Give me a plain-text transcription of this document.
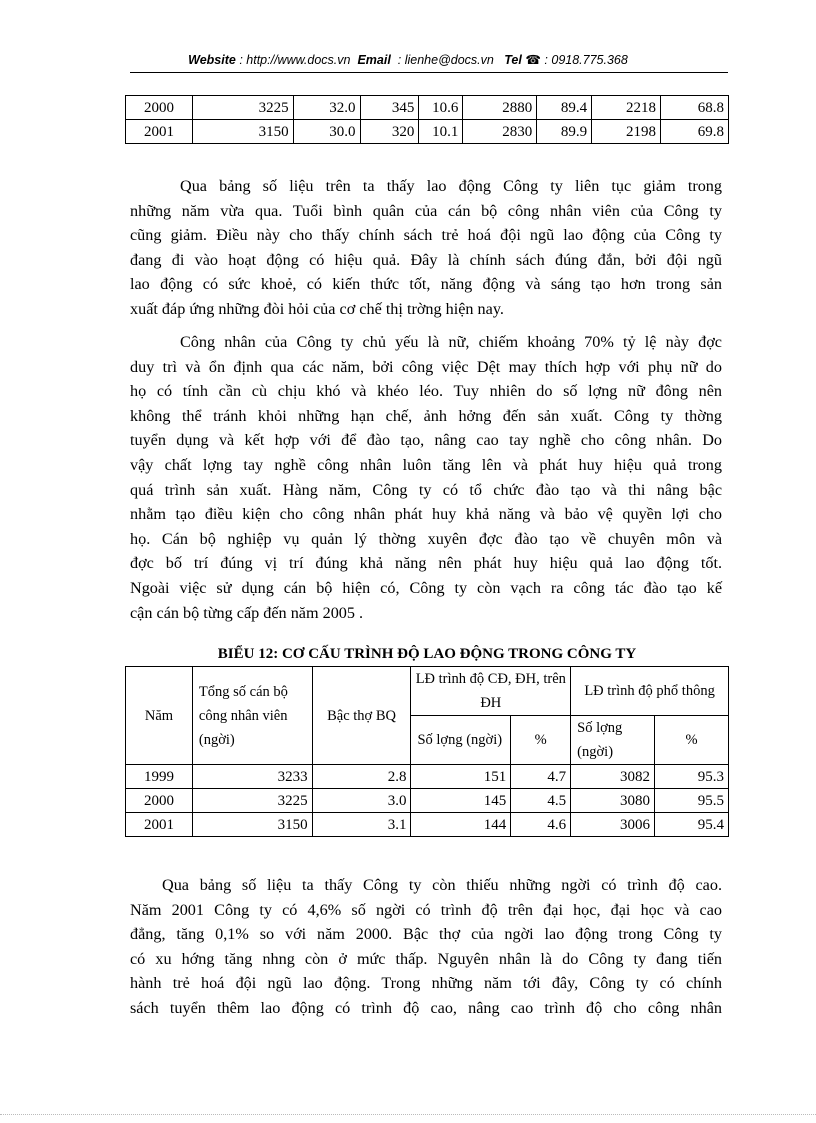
Website : http://www.docs.vn Email : lienhe@docs.vn Tel ☎ : 0918.775.368
2000	3225	32.0	345	10.6	2880	89.4	2218	68.8
2001	3150	30.0	320	10.1	2830	89.9	2198	69.8
Qua bảng số liệu trên ta thấy lao động Công ty liên tục giảm trong
những năm vừa qua. Tuổi bình quân của cán bộ công nhân viên của Công ty
cũng giảm. Điều này cho thấy chính sách trẻ hoá đội ngũ lao động của Công ty
đang đi vào hoạt động có hiệu quả. Đây là chính sách đúng đắn, bởi đội ngũ
lao động có sức khoẻ, có kiến thức tốt, năng động và sáng tạo hơn trong sản
xuất đáp ứng những đòi hỏi của cơ chế thị trờng hiện nay.
Công nhân của Công ty chủ yếu là nữ, chiếm khoảng 70% tỷ lệ này đợc
duy trì và ổn định qua các năm, bởi công việc Dệt may thích hợp với phụ nữ do
họ có tính cần cù chịu khó và khéo léo. Tuy nhiên do số lợng nữ đông nên
không thể tránh khỏi những hạn chế, ảnh hởng đến sản xuất. Công ty thờng
tuyển dụng và kết hợp với để đào tạo, nâng cao tay nghề cho công nhân. Do
vậy chất lợng tay nghề công nhân luôn tăng lên và phát huy hiệu quả trong
quá trình sản xuất. Hàng năm, Công ty có tổ chức đào tạo và thi nâng bậc
nhằm tạo điều kiện cho công nhân phát huy khả năng và bảo vệ quyền lợi cho
họ. Cán bộ nghiệp vụ quản lý thờng xuyên đợc đào tạo về chuyên môn và
đợc bố trí đúng vị trí đúng khả năng nên phát huy hiệu quả lao động tốt.
Ngoài việc sử dụng cán bộ hiện có, Công ty còn vạch ra công tác đào tạo kế
cận cán bộ từng cấp đến năm 2005 .
BIỂU 12: CƠ CẤU TRÌNH ĐỘ LAO ĐỘNG TRONG CÔNG TY
Năm	Tổng số cán bộ công nhân viên (ngời)	Bậc thợ BQ	LĐ trình độ CĐ, ĐH, trên ĐH		LĐ trình độ phổ thông	
			Số lợng (ngời)	%	Số lợng (ngời)	%
1999	3233	2.8	151	4.7	3082	95.3
2000	3225	3.0	145	4.5	3080	95.5
2001	3150	3.1	144	4.6	3006	95.4
Qua bảng số liệu ta thấy Công ty còn thiếu những ngời có trình độ cao.
Năm 2001 Công ty có 4,6% số ngời có trình độ trên đại học, đại học và cao
đẳng, tăng 0,1% so với năm 2000. Bậc thợ của ngời lao động trong Công ty
có xu hớng tăng nhng còn ở mức thấp. Nguyên nhân là do Công ty đang tiến
hành trẻ hoá đội ngũ lao động. Trong những năm tới đây, Công ty có chính
sách tuyển thêm lao động có trình độ cao, nâng cao trình độ cho công nhân
